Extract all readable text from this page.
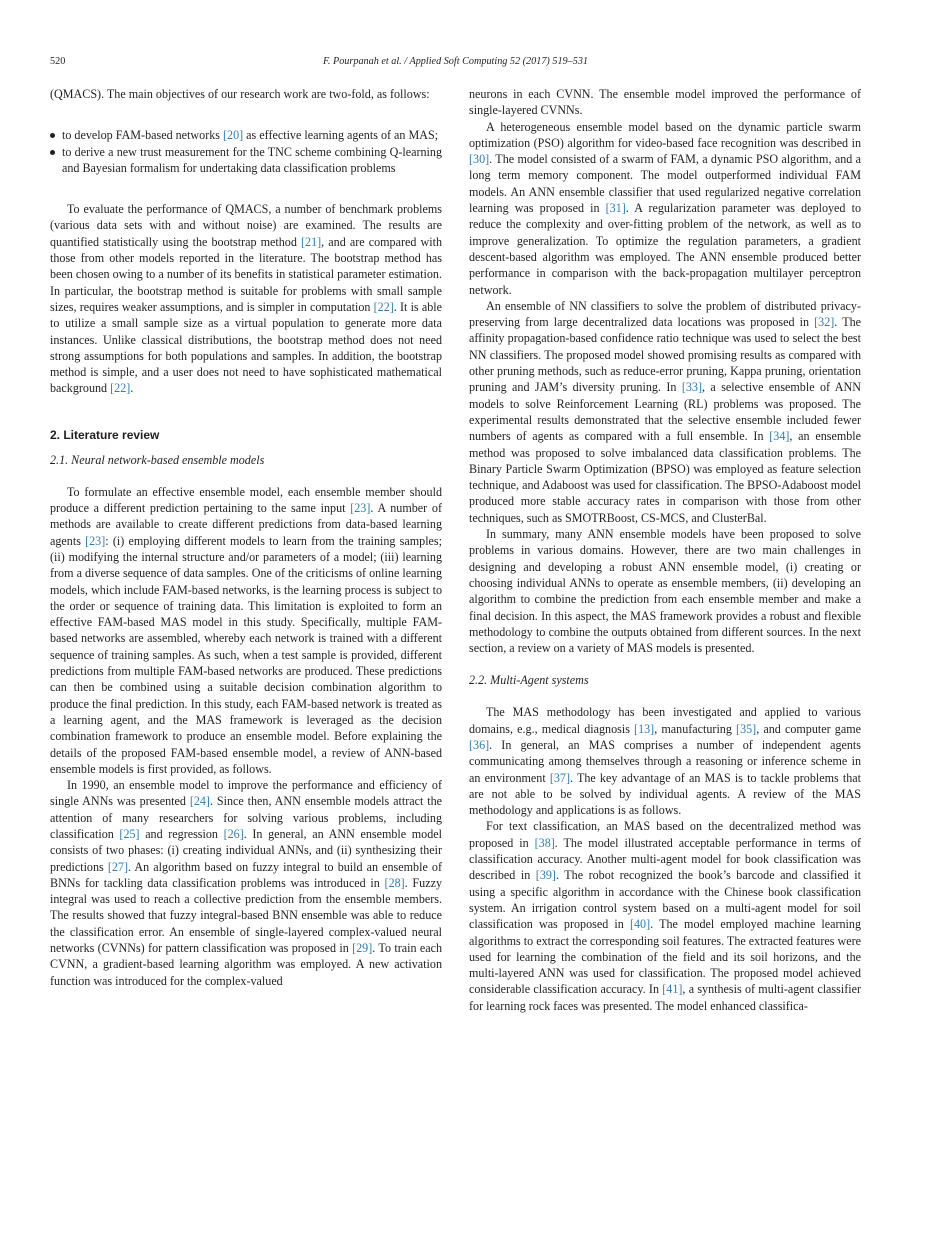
520	F. Pourpanah et al. / Applied Soft Computing 52 (2017) 519–531

(QMACS). The main objectives of our research work are two-fold, as follows:

to develop FAM-based networks [20] as effective learning agents of an MAS;
to derive a new trust measurement for the TNC scheme combining Q-learning and Bayesian formalism for undertaking data classification problems

To evaluate the performance of QMACS, a number of benchmark problems (various data sets with and without noise) are examined. The results are quantified statistically using the bootstrap method [21], and are compared with those from other models reported in the literature. The bootstrap method has been chosen owing to a number of its benefits in statistical parameter estimation. In particular, the bootstrap method is suitable for problems with small sample sizes, requires weaker assumptions, and is simpler in computation [22]. It is able to utilize a small sample size as a virtual population to generate more data instances. Unlike classical distributions, the bootstrap method does not need strong assumptions for both populations and samples. In addition, the bootstrap method is simple, and a user does not need to have sophisticated mathematical background [22].

2. Literature review
2.1. Neural network-based ensemble models

To formulate an effective ensemble model, each ensemble member should produce a different prediction pertaining to the same input [23]. A number of methods are available to create different predictions from data-based learning agents [23]: (i) employing different models to learn from the training samples; (ii) modifying the internal structure and/or parameters of a model; (iii) learning from a diverse sequence of data samples. One of the criticisms of online learning models, which include FAM-based networks, is the learning process is subject to the order or sequence of training data. This limitation is exploited to form an effective FAM-based MAS model in this study. Specifically, multiple FAM-based networks are assembled, whereby each network is trained with a different sequence of training samples. As such, when a test sample is provided, different predictions from multiple FAM-based networks are produced. These predictions can then be combined using a suitable decision combination algorithm to produce the final prediction. In this study, each FAM-based network is treated as a learning agent, and the MAS framework is leveraged as the decision combination framework to produce an ensemble model. Before explaining the details of the proposed FAM-based ensemble model, a review of ANN-based ensemble models is first provided, as follows.

In 1990, an ensemble model to improve the performance and efficiency of single ANNs was presented [24]. Since then, ANN ensemble models attract the attention of many researchers for solving various problems, including classification [25] and regression [26]. In general, an ANN ensemble model consists of two phases: (i) creating individual ANNs, and (ii) synthesizing their predictions [27]. An algorithm based on fuzzy integral to build an ensemble of BNNs for tackling data classification problems was introduced in [28]. Fuzzy integral was used to reach a collective prediction from the ensemble members. The results showed that fuzzy integral-based BNN ensemble was able to reduce the classification error. An ensemble of single-layered complex-valued neural networks (CVNNs) for pattern classification was proposed in [29]. To train each CVNN, a gradient-based learning algorithm was employed. A new activation function was introduced for the complex-valued

neurons in each CVNN. The ensemble model improved the performance of single-layered CVNNs.

A heterogeneous ensemble model based on the dynamic particle swarm optimization (PSO) algorithm for video-based face recognition was described in [30]. The model consisted of a swarm of FAM, a dynamic PSO algorithm, and a long term memory component. The model outperformed individual FAM models. An ANN ensemble classifier that used regularized negative correlation learning was proposed in [31]. A regularization parameter was deployed to reduce the complexity and over-fitting problem of the network, as well as to improve generalization. To optimize the regulation parameters, a gradient descent-based algorithm was employed. The ANN ensemble produced better performance in comparison with the back-propagation multilayer perceptron network.

An ensemble of NN classifiers to solve the problem of distributed privacy-preserving from large decentralized data locations was proposed in [32]. The affinity propagation-based confidence ratio technique was used to select the best NN classifiers. The proposed model showed promising results as compared with other pruning methods, such as reduce-error pruning, Kappa pruning, orientation pruning and JAM’s diversity pruning. In [33], a selective ensemble of ANN models to solve Reinforcement Learning (RL) problems was proposed. The experimental results demonstrated that the selective ensemble included fewer numbers of agents as compared with a full ensemble. In [34], an ensemble method was proposed to solve imbalanced data classification problems. The Binary Particle Swarm Optimization (BPSO) was employed as feature selection technique, and Adaboost was used for classification. The BPSO-Adaboost model produced more stable accuracy rates in comparison with those from other techniques, such as SMOTRBoost, CS-MCS, and ClusterBal.

In summary, many ANN ensemble models have been proposed to solve problems in various domains. However, there are two main challenges in designing and developing a robust ANN ensemble model, (i) creating or choosing individual ANNs to operate as ensemble members, (ii) developing an algorithm to combine the prediction from each ensemble member and make a final decision. In this aspect, the MAS framework provides a robust and flexible methodology to combine the outputs obtained from different sources. In the next section, a review on a variety of MAS models is presented.

2.2. Multi-Agent systems

The MAS methodology has been investigated and applied to various domains, e.g., medical diagnosis [13], manufacturing [35], and computer game [36]. In general, an MAS comprises a number of independent agents communicating among themselves through a reasoning or inference scheme in an environment [37]. The key advantage of an MAS is to tackle problems that are not able to be solved by individual agents. A review of the MAS methodology and applications is as follows.

For text classification, an MAS based on the decentralized method was proposed in [38]. The model illustrated acceptable performance in terms of classification accuracy. Another multi-agent model for book classification was described in [39]. The robot recognized the book’s barcode and classified it using a specific algorithm in accordance with the Chinese book classification system. An irrigation control system based on a multi-agent model for soil classification was proposed in [40]. The model employed machine learning algorithms to extract the corresponding soil features. The extracted features were used for learning the combination of the field and its soil horizons, and the multi-layered ANN was used for classification. The proposed model achieved considerable classification accuracy. In [41], a synthesis of multi-agent classifier for learning rock faces was presented. The model enhanced classifica-
